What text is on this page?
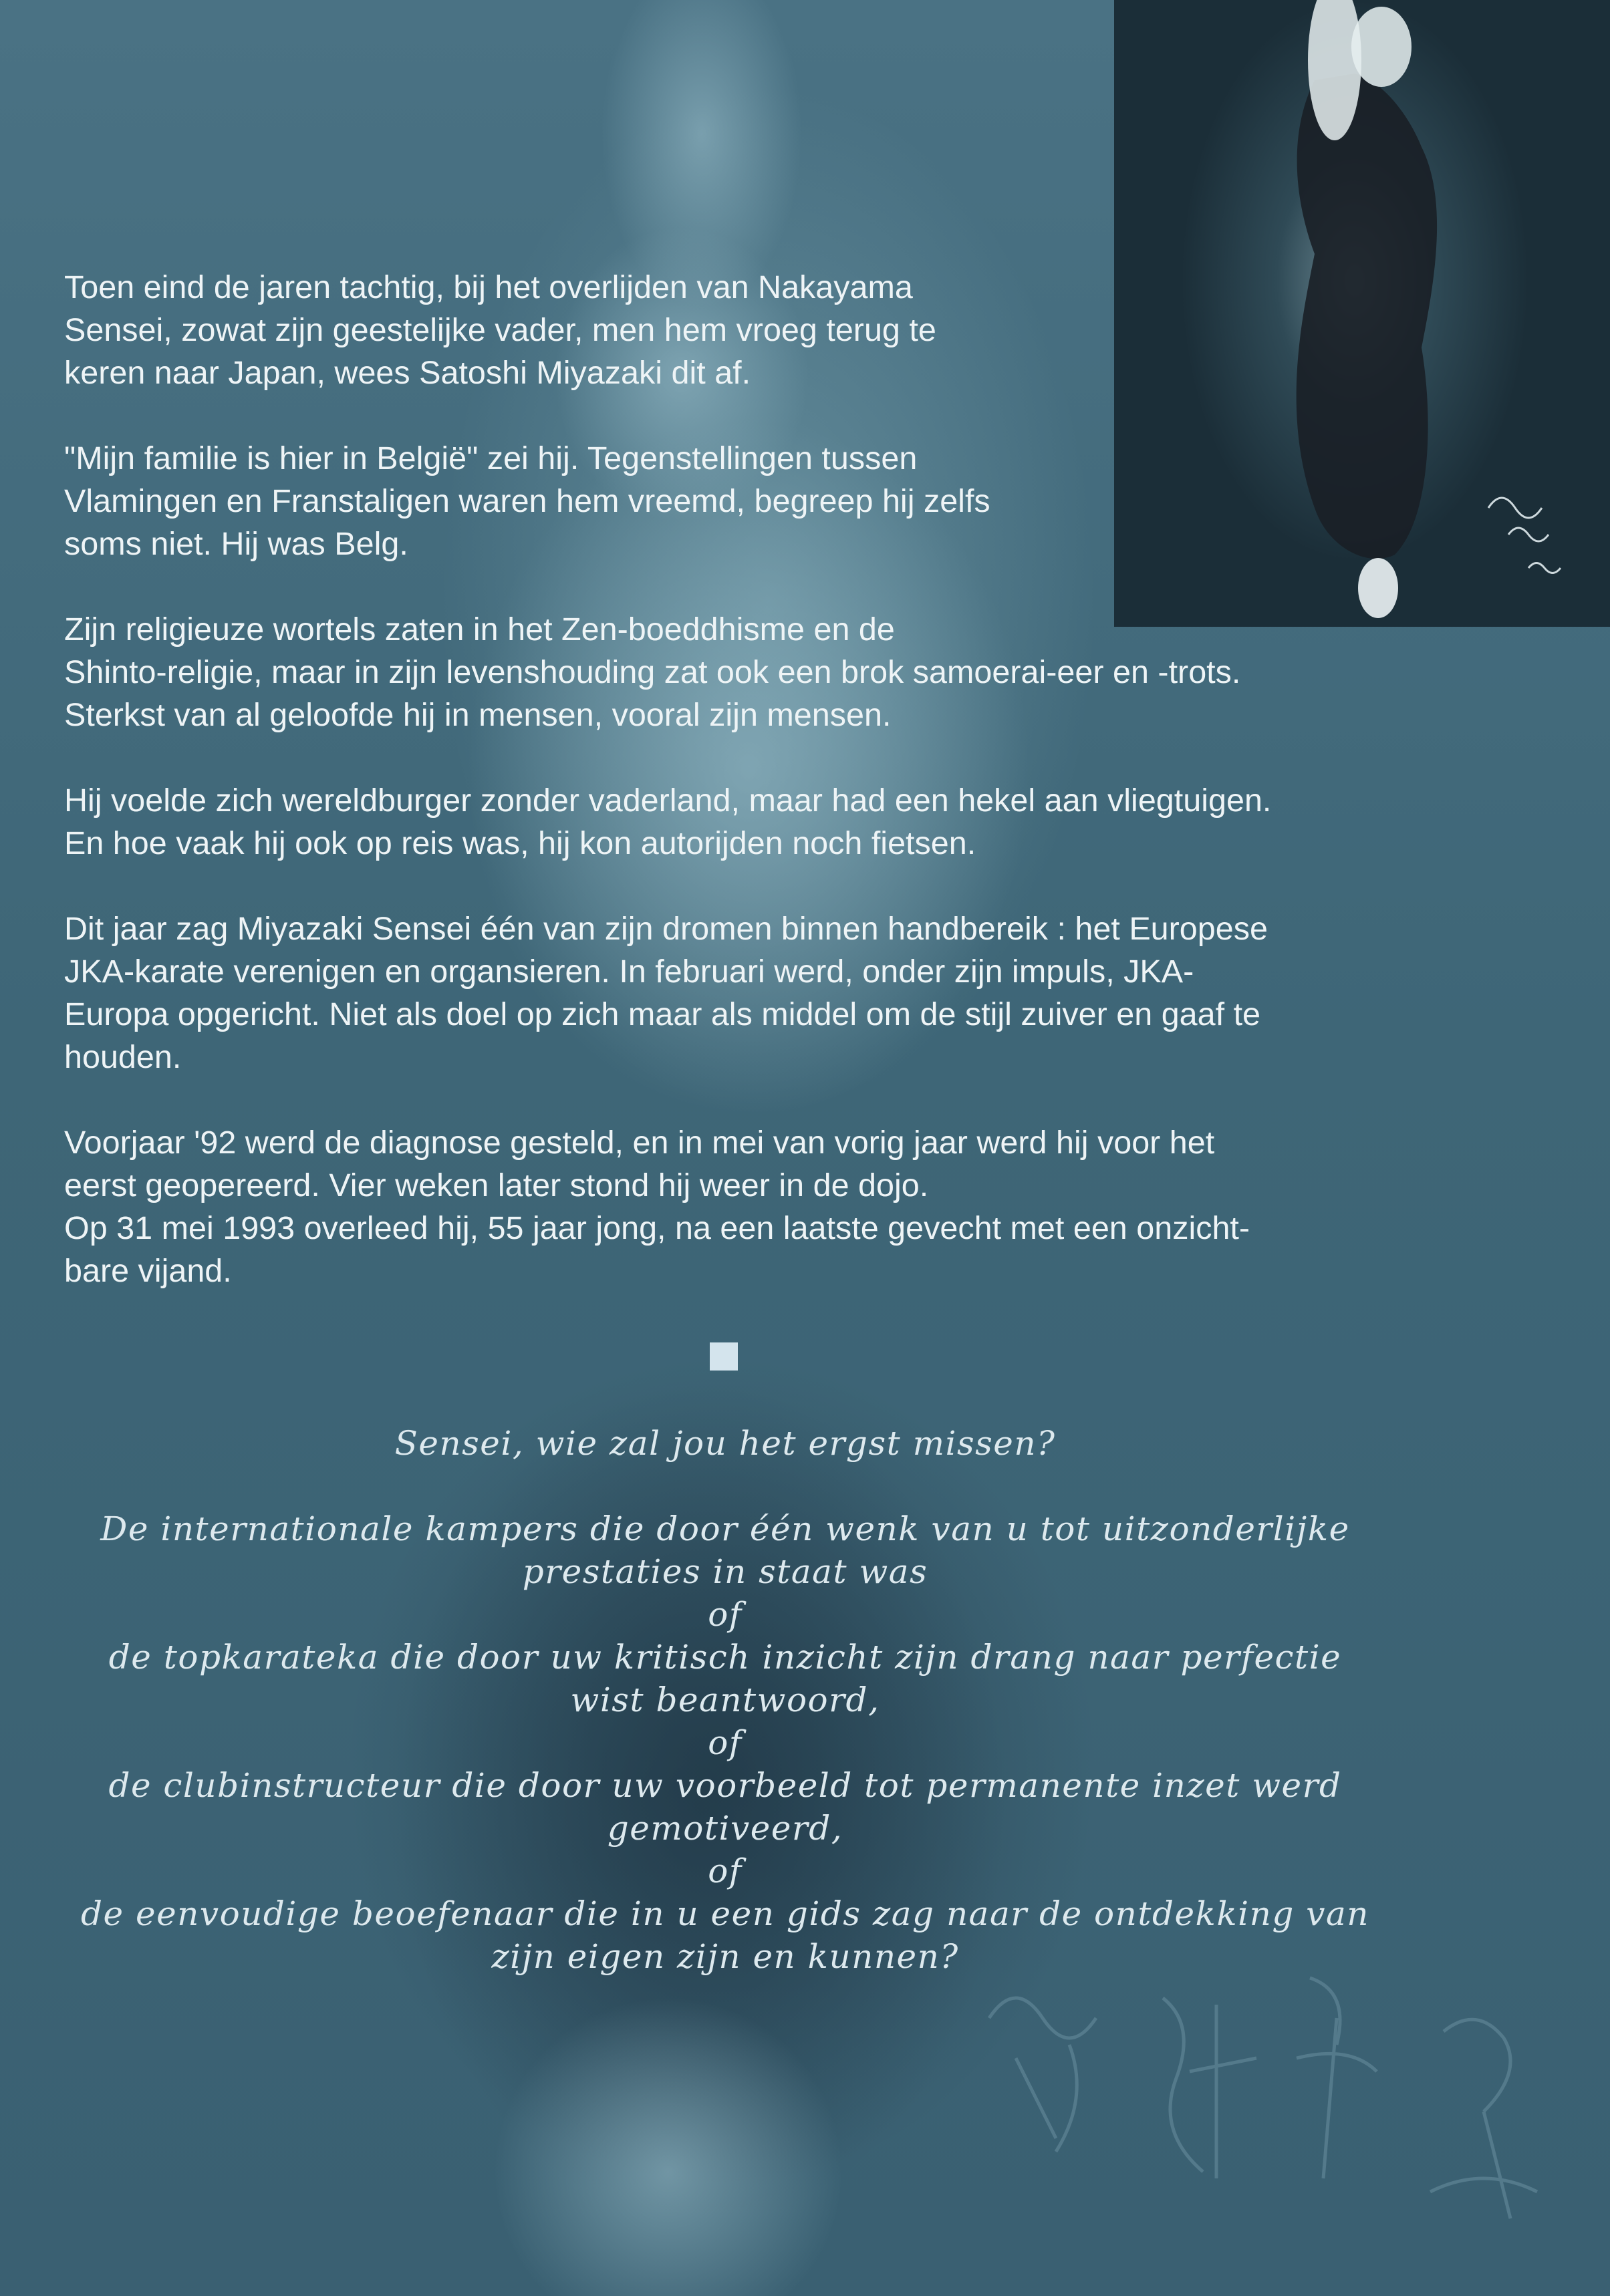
Toen eind de jaren tachtig, bij het overlijden van Nakayama
Sensei, zowat zijn geestelijke vader, men hem vroeg terug te
keren naar Japan, wees Satoshi Miyazaki dit af.

"Mijn familie is hier in België" zei hij. Tegenstellingen tussen
Vlamingen en Franstaligen waren hem vreemd, begreep hij zelfs
soms niet. Hij was Belg.

Zijn religieuze wortels zaten in het Zen-boeddhisme en de
Shinto-religie, maar in zijn levenshouding zat ook een brok samoerai-eer en -trots.
Sterkst van al geloofde hij in mensen, vooral zijn mensen.

Hij voelde zich wereldburger zonder vaderland, maar had een hekel aan vliegtuigen.
En hoe vaak hij ook op reis was, hij kon autorijden noch fietsen.

Dit jaar zag Miyazaki Sensei één van zijn dromen binnen handbereik : het Europese
JKA-karate verenigen en organsieren. In februari werd, onder zijn impuls, JKA-
Europa opgericht. Niet als doel op zich maar als middel om de stijl zuiver en gaaf te
houden.

Voorjaar '92 werd de diagnose gesteld, en in mei van vorig jaar werd hij voor het
eerst geopereerd. Vier weken later stond hij weer in de dojo.
Op 31 mei 1993 overleed hij, 55 jaar jong, na een laatste gevecht met een onzicht-
bare vijand.

Sensei, wie zal jou het ergst missen?
De internationale kampers die door één wenk van u tot uitzonderlijke
prestaties in staat was
of
de topkarateka die door uw kritisch inzicht zijn drang naar perfectie
wist beantwoord,
of
de clubinstructeur die door uw voorbeeld tot permanente inzet werd
gemotiveerd,
of
de eenvoudige beoefenaar die in u een gids zag naar de ontdekking van
zijn eigen zijn en kunnen?
